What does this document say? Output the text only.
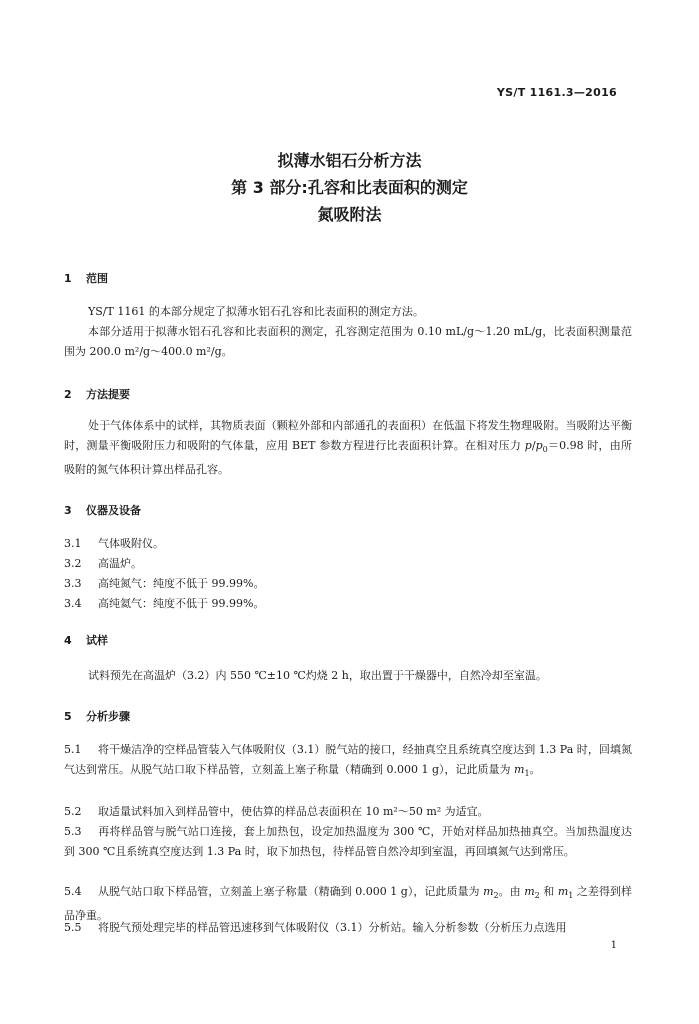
YS/T 1161.3—2016
拟薄水铝石分析方法
第 3 部分:孔容和比表面积的测定
氮吸附法
1 范围
YS/T 1161 的本部分规定了拟薄水铝石孔容和比表面积的测定方法。
本部分适用于拟薄水铝石孔容和比表面积的测定，孔容测定范围为 0.10 mL/g～1.20 mL/g，比表面积测量范围为 200.0 m²/g～400.0 m²/g。
2 方法提要
处于气体体系中的试样，其物质表面（颗粒外部和内部通孔的表面积）在低温下将发生物理吸附。当吸附达平衡时，测量平衡吸附压力和吸附的气体量，应用 BET 参数方程进行比表面积计算。在相对压力 $p/p_0=0.98$ 时，由所吸附的氮气体积计算出样品孔容。
3 仪器及设备
3.1 气体吸附仪。
3.2 高温炉。
3.3 高纯氮气：纯度不低于 99.99%。
3.4 高纯氦气：纯度不低于 99.99%。
4 试样
试料预先在高温炉（3.2）内 550 ℃±10 ℃灼烧 2 h，取出置于干燥器中，自然冷却至室温。
5 分析步骤
5.1 将干燥洁净的空样品管装入气体吸附仪（3.1）脱气站的接口，经抽真空且系统真空度达到 1.3 Pa 时，回填氮气达到常压。从脱气站口取下样品管，立刻盖上塞子称量（精确到 0.000 1 g），记此质量为 $m_1$。
5.2 取适量试料加入到样品管中，使估算的样品总表面积在 10 m²～50 m² 为适宜。
5.3 再将样品管与脱气站口连接，套上加热包，设定加热温度为 300 ℃，开始对样品加热抽真空。当加热温度达到 300 ℃且系统真空度达到 1.3 Pa 时，取下加热包，待样品管自然冷却到室温，再回填氮气达到常压。
5.4 从脱气站口取下样品管，立刻盖上塞子称量（精确到 0.000 1 g），记此质量为 $m_2$。由 $m_2$ 和 $m_1$ 之差得到样品净重。
5.5 将脱气预处理完毕的样品管迅速移到气体吸附仪（3.1）分析站。输入分析参数（分析压力点选用
1
